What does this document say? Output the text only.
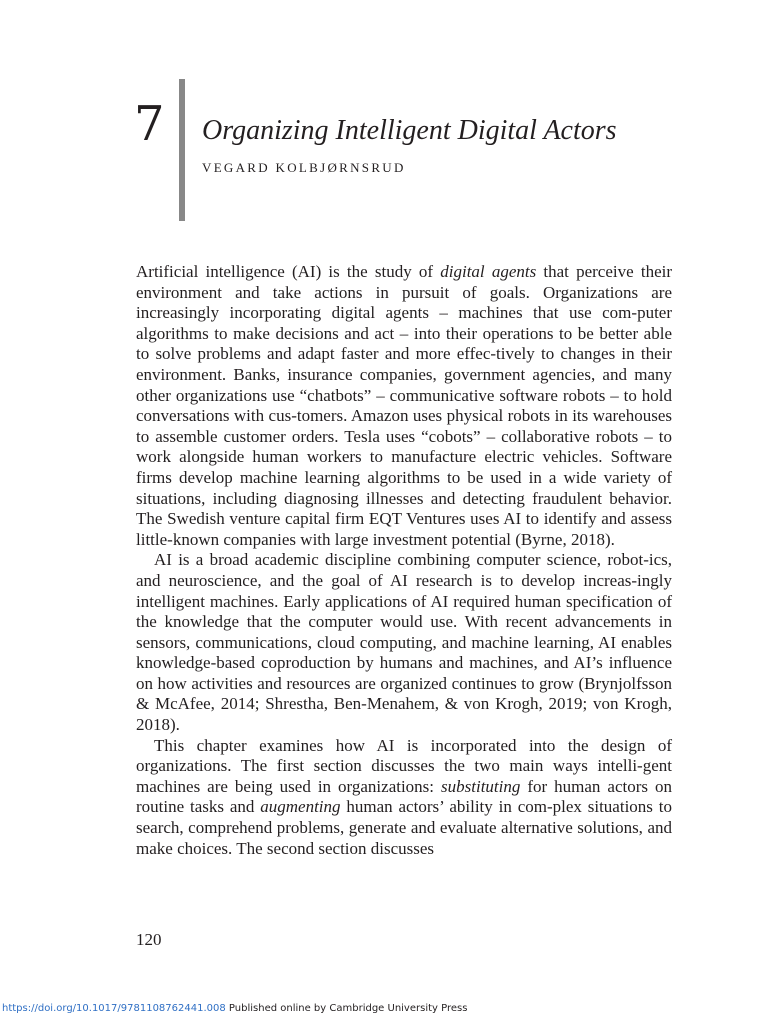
7 Organizing Intelligent Digital Actors
VEGARD KOLBJØRNSRUD

Artificial intelligence (AI) is the study of digital agents that perceive their environment and take actions in pursuit of goals. Organizations are increasingly incorporating digital agents – machines that use com-puter algorithms to make decisions and act – into their operations to be better able to solve problems and adapt faster and more effec-tively to changes in their environment. Banks, insurance companies, government agencies, and many other organizations use “chatbots” – communicative software robots – to hold conversations with cus-tomers. Amazon uses physical robots in its warehouses to assemble customer orders. Tesla uses “cobots” – collaborative robots – to work alongside human workers to manufacture electric vehicles. Software firms develop machine learning algorithms to be used in a wide variety of situations, including diagnosing illnesses and detecting fraudulent behavior. The Swedish venture capital firm EQT Ventures uses AI to identify and assess little-known companies with large investment potential (Byrne, 2018).

AI is a broad academic discipline combining computer science, robot-ics, and neuroscience, and the goal of AI research is to develop increas-ingly intelligent machines. Early applications of AI required human specification of the knowledge that the computer would use. With recent advancements in sensors, communications, cloud computing, and machine learning, AI enables knowledge-based coproduction by humans and machines, and AI’s influence on how activities and resources are organized continues to grow (Brynjolfsson & McAfee, 2014; Shrestha, Ben-Menahem, & von Krogh, 2019; von Krogh, 2018).

This chapter examines how AI is incorporated into the design of organizations. The first section discusses the two main ways intelli-gent machines are being used in organizations: substituting for human actors on routine tasks and augmenting human actors’ ability in com-plex situations to search, comprehend problems, generate and evaluate alternative solutions, and make choices. The second section discusses

120
https://doi.org/10.1017/9781108762441.008 Published online by Cambridge University Press
